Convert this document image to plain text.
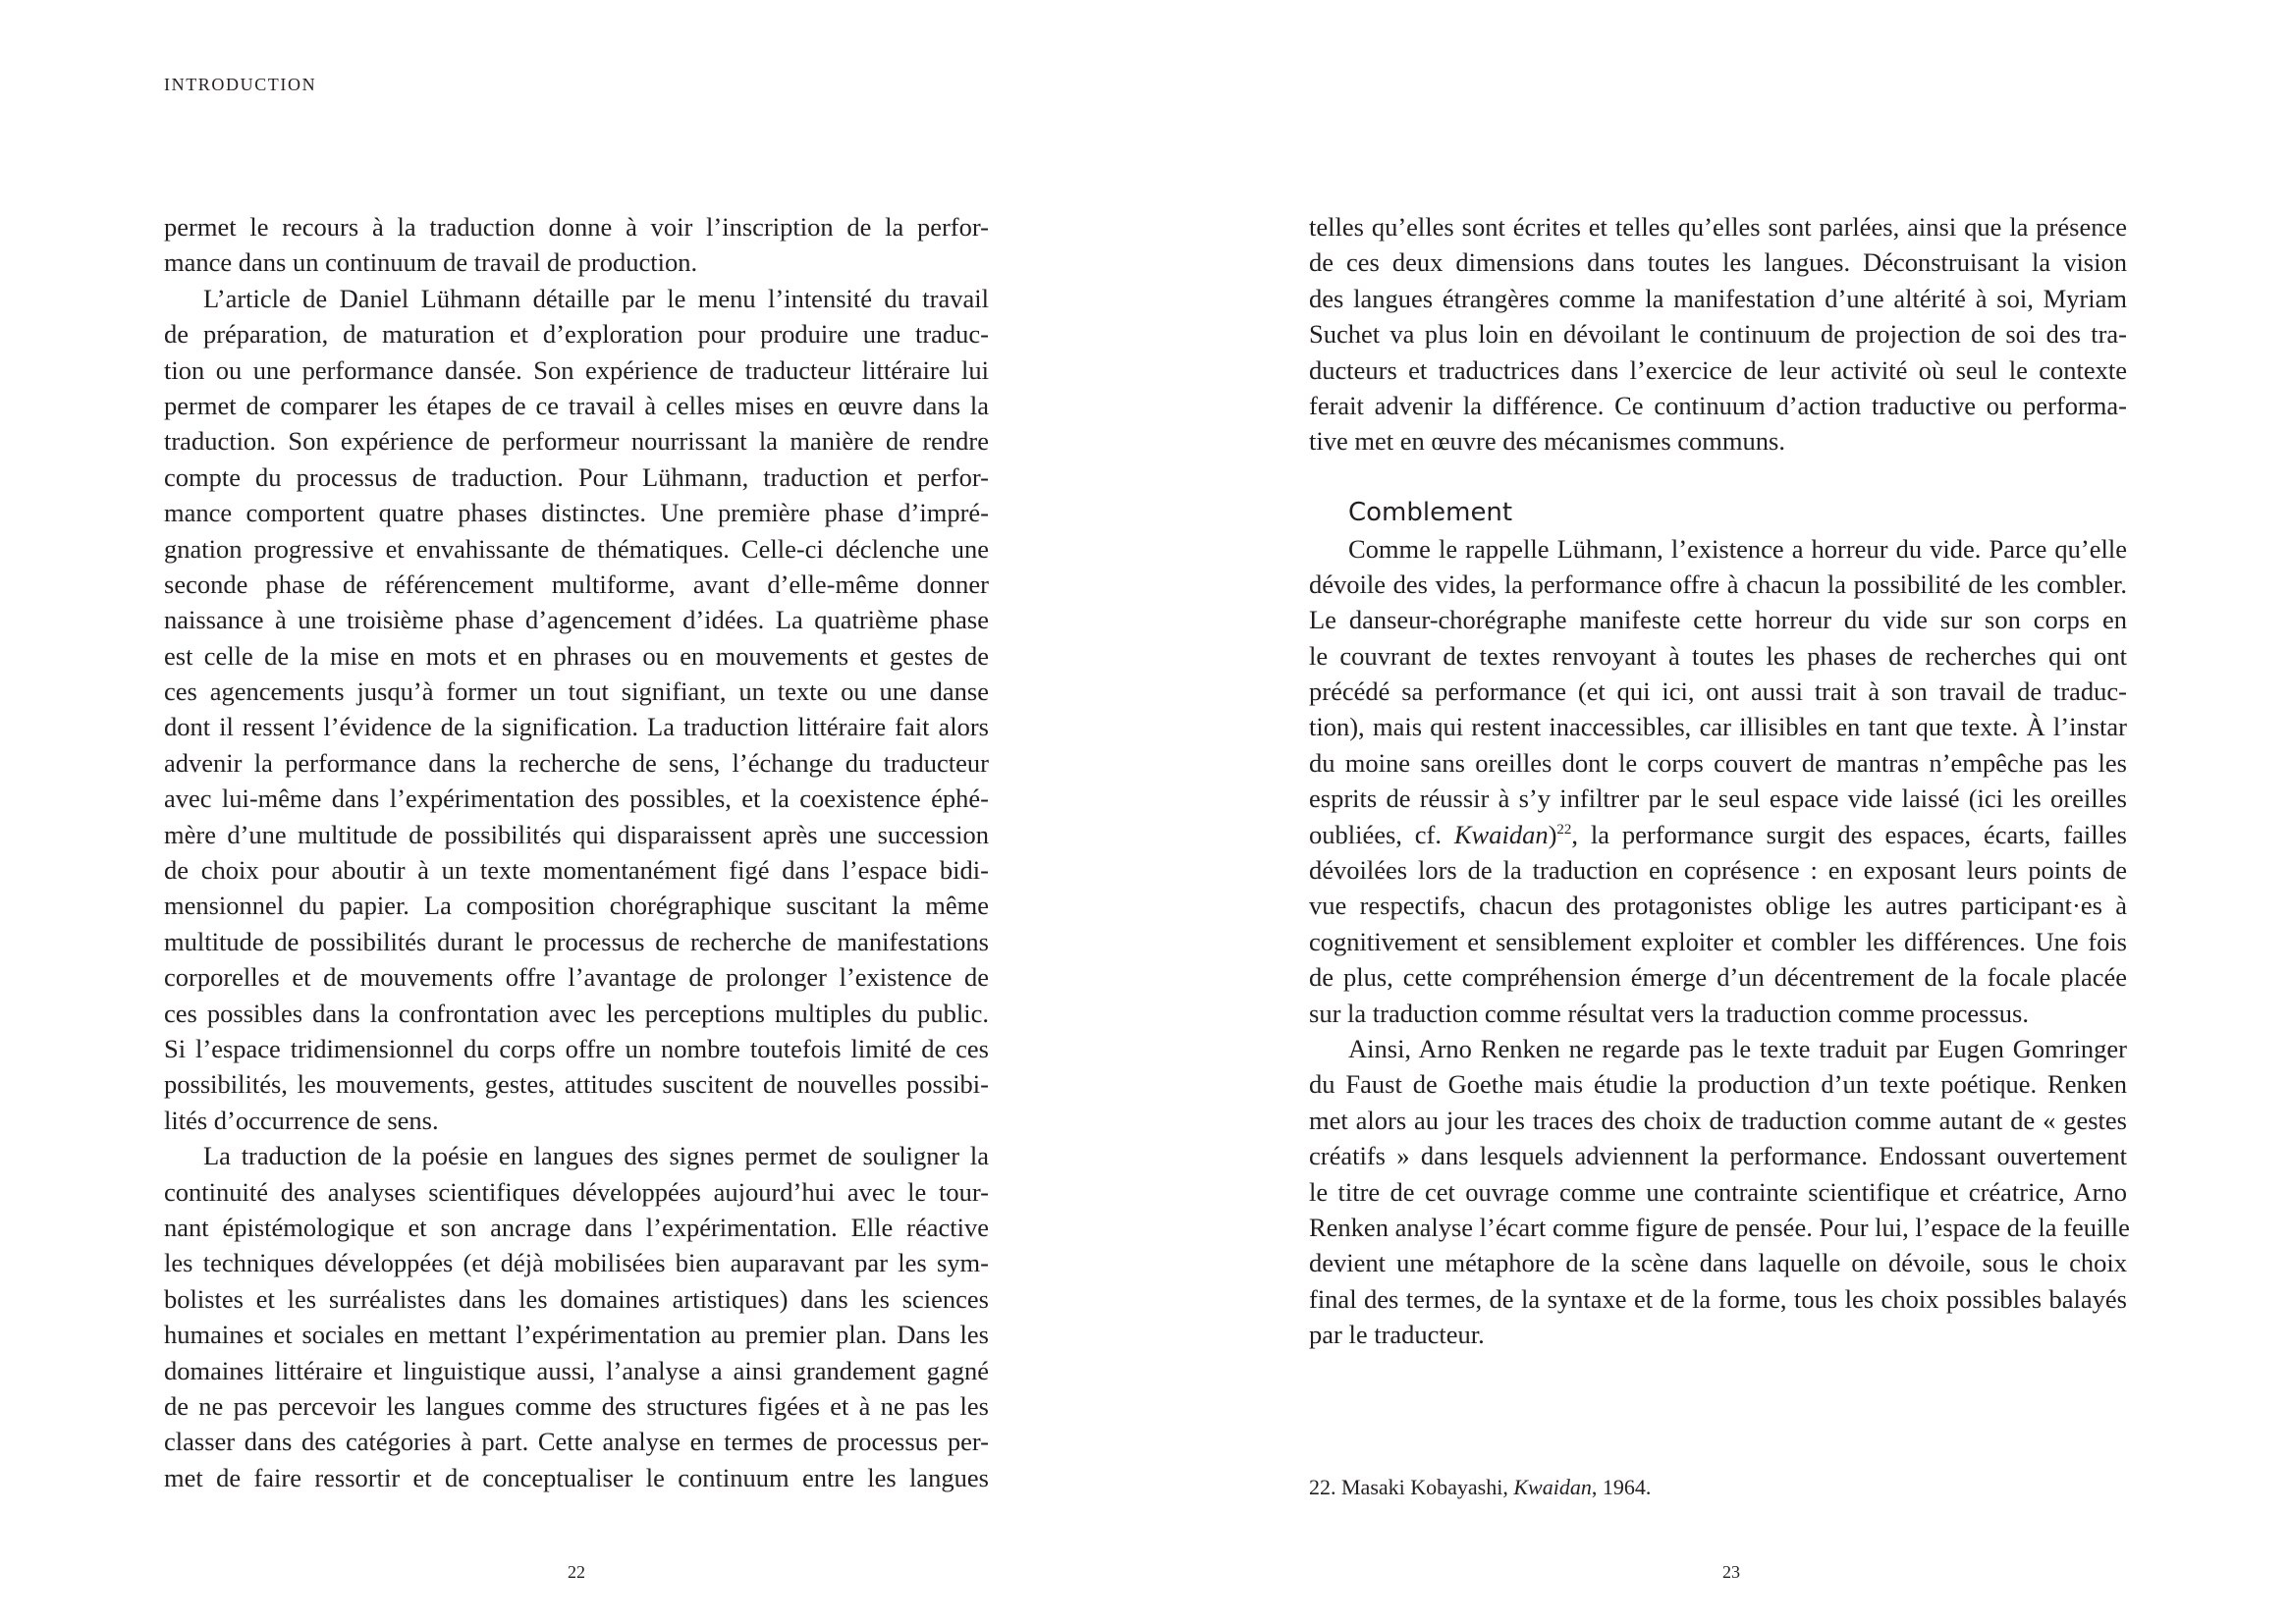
INTRODUCTION
permet le recours à la traduction donne à voir l’inscription de la perfor-
mance dans un continuum de travail de production.
L’article de Daniel Lühmann détaille par le menu l’intensité du travail
de préparation, de maturation et d’exploration pour produire une traduc-
tion ou une performance dansée. Son expérience de traducteur littéraire lui
permet de comparer les étapes de ce travail à celles mises en œuvre dans la
traduction. Son expérience de performeur nourrissant la manière de rendre
compte du processus de traduction. Pour Lühmann, traduction et perfor-
mance comportent quatre phases distinctes. Une première phase d’impré-
gnation progressive et envahissante de thématiques. Celle-ci déclenche une
seconde phase de référencement multiforme, avant d’elle-même donner
naissance à une troisième phase d’agencement d’idées. La quatrième phase
est celle de la mise en mots et en phrases ou en mouvements et gestes de
ces agencements jusqu’à former un tout signifiant, un texte ou une danse
dont il ressent l’évidence de la signification. La traduction littéraire fait alors
advenir la performance dans la recherche de sens, l’échange du traducteur
avec lui-même dans l’expérimentation des possibles, et la coexistence éphé-
mère d’une multitude de possibilités qui disparaissent après une succession
de choix pour aboutir à un texte momentanément figé dans l’espace bidi-
mensionnel du papier. La composition chorégraphique suscitant la même
multitude de possibilités durant le processus de recherche de manifestations
corporelles et de mouvements offre l’avantage de prolonger l’existence de
ces possibles dans la confrontation avec les perceptions multiples du public.
Si l’espace tridimensionnel du corps offre un nombre toutefois limité de ces
possibilités, les mouvements, gestes, attitudes suscitent de nouvelles possibi-
lités d’occurrence de sens.
La traduction de la poésie en langues des signes permet de souligner la
continuité des analyses scientifiques développées aujourd’hui avec le tour-
nant épistémologique et son ancrage dans l’expérimentation. Elle réactive
les techniques développées (et déjà mobilisées bien auparavant par les sym-
bolistes et les surréalistes dans les domaines artistiques) dans les sciences
humaines et sociales en mettant l’expérimentation au premier plan. Dans les
domaines littéraire et linguistique aussi, l’analyse a ainsi grandement gagné
de ne pas percevoir les langues comme des structures figées et à ne pas les
classer dans des catégories à part. Cette analyse en termes de processus per-
met de faire ressortir et de conceptualiser le continuum entre les langues
22
telles qu’elles sont écrites et telles qu’elles sont parlées, ainsi que la présence
de ces deux dimensions dans toutes les langues. Déconstruisant la vision
des langues étrangères comme la manifestation d’une altérité à soi, Myriam
Suchet va plus loin en dévoilant le continuum de projection de soi des tra-
ducteurs et traductrices dans l’exercice de leur activité où seul le contexte
ferait advenir la différence. Ce continuum d’action traductive ou performa-
tive met en œuvre des mécanismes communs.
Comblement
Comme le rappelle Lühmann, l’existence a horreur du vide. Parce qu’elle
dévoile des vides, la performance offre à chacun la possibilité de les combler.
Le danseur-chorégraphe manifeste cette horreur du vide sur son corps en
le couvrant de textes renvoyant à toutes les phases de recherches qui ont
précédé sa performance (et qui ici, ont aussi trait à son travail de traduc-
tion), mais qui restent inaccessibles, car illisibles en tant que texte. À l’instar
du moine sans oreilles dont le corps couvert de mantras n’empêche pas les
esprits de réussir à s’y infiltrer par le seul espace vide laissé (ici les oreilles
oubliées, cf. Kwaidan)$^{22}$, la performance surgit des espaces, écarts, failles
dévoilées lors de la traduction en coprésence : en exposant leurs points de
vue respectifs, chacun des protagonistes oblige les autres participant·es à
cognitivement et sensiblement exploiter et combler les différences. Une fois
de plus, cette compréhension émerge d’un décentrement de la focale placée
sur la traduction comme résultat vers la traduction comme processus.
Ainsi, Arno Renken ne regarde pas le texte traduit par Eugen Gomringer
du Faust de Goethe mais étudie la production d’un texte poétique. Renken
met alors au jour les traces des choix de traduction comme autant de « gestes
créatifs » dans lesquels adviennent la performance. Endossant ouvertement
le titre de cet ouvrage comme une contrainte scientifique et créatrice, Arno
Renken analyse l’écart comme figure de pensée. Pour lui, l’espace de la feuille
devient une métaphore de la scène dans laquelle on dévoile, sous le choix
final des termes, de la syntaxe et de la forme, tous les choix possibles balayés
par le traducteur.
22. Masaki Kobayashi, Kwaidan, 1964.
23
